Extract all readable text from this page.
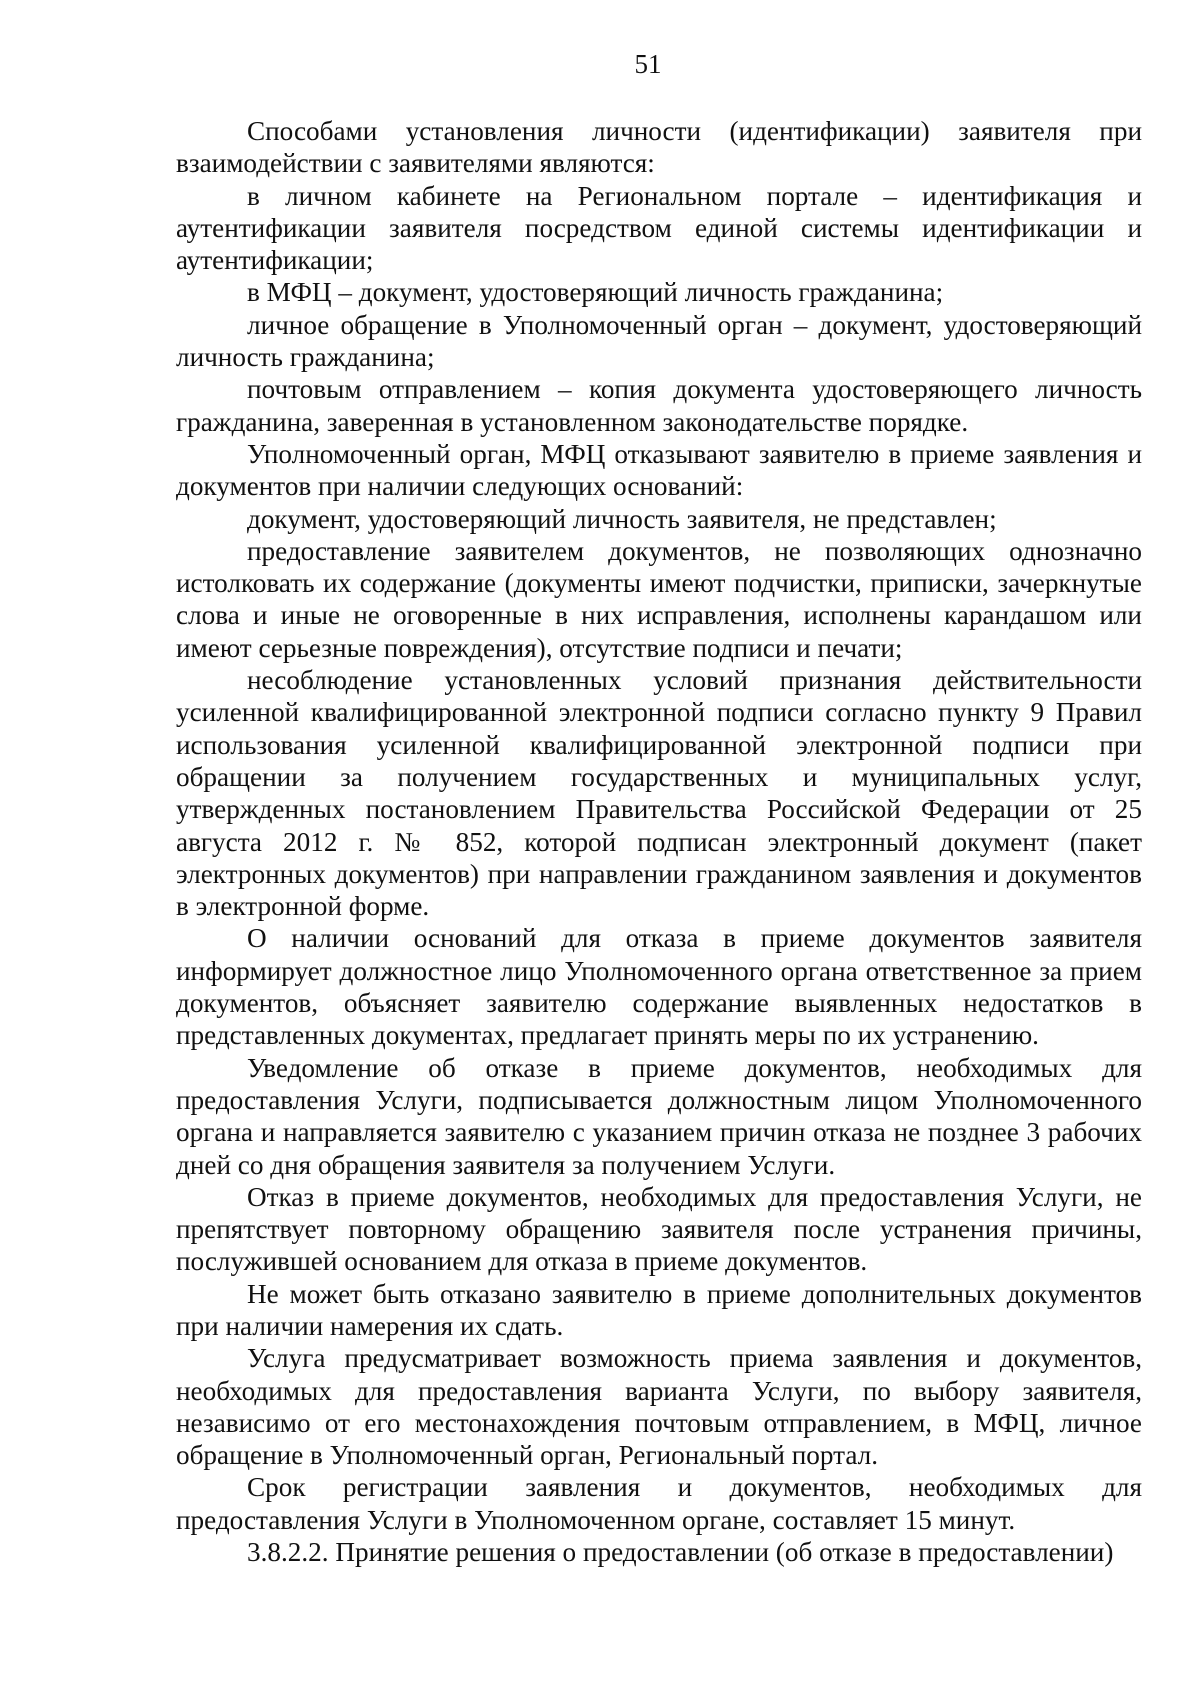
51

Способами установления личности (идентификации) заявителя при взаимодействии с заявителями являются:

в личном кабинете на Региональном портале – идентификация и аутентификации заявителя посредством единой системы идентификации и аутентификации;

в МФЦ – документ, удостоверяющий личность гражданина;

личное обращение в Уполномоченный орган – документ, удостоверяющий личность гражданина;

почтовым отправлением – копия документа удостоверяющего личность гражданина, заверенная в установленном законодательстве порядке.

Уполномоченный орган, МФЦ отказывают заявителю в приеме заявления и документов при наличии следующих оснований:

документ, удостоверяющий личность заявителя, не представлен;

предоставление заявителем документов, не позволяющих однозначно истолковать их содержание (документы имеют подчистки, приписки, зачеркнутые слова и иные не оговоренные в них исправления, исполнены карандашом или имеют серьезные повреждения), отсутствие подписи и печати;

несоблюдение установленных условий признания действительности усиленной квалифицированной электронной подписи согласно пункту 9 Правил использования усиленной квалифицированной электронной подписи при обращении за получением государственных и муниципальных услуг, утвержденных постановлением Правительства Российской Федерации от 25 августа 2012 г. № 852, которой подписан электронный документ (пакет электронных документов) при направлении гражданином заявления и документов в электронной форме.

О наличии оснований для отказа в приеме документов заявителя информирует должностное лицо Уполномоченного органа ответственное за прием документов, объясняет заявителю содержание выявленных недостатков в представленных документах, предлагает принять меры по их устранению.

Уведомление об отказе в приеме документов, необходимых для предоставления Услуги, подписывается должностным лицом Уполномоченного органа и направляется заявителю с указанием причин отказа не позднее 3 рабочих дней со дня обращения заявителя за получением Услуги.

Отказ в приеме документов, необходимых для предоставления Услуги, не препятствует повторному обращению заявителя после устранения причины, послужившей основанием для отказа в приеме документов.

Не может быть отказано заявителю в приеме дополнительных документов при наличии намерения их сдать.

Услуга предусматривает возможность приема заявления и документов, необходимых для предоставления варианта Услуги, по выбору заявителя, независимо от его местонахождения почтовым отправлением, в МФЦ, личное обращение в Уполномоченный орган, Региональный портал.

Срок регистрации заявления и документов, необходимых для предоставления Услуги в Уполномоченном органе, составляет 15 минут.

3.8.2.2. Принятие решения о предоставлении (об отказе в предоставлении)
